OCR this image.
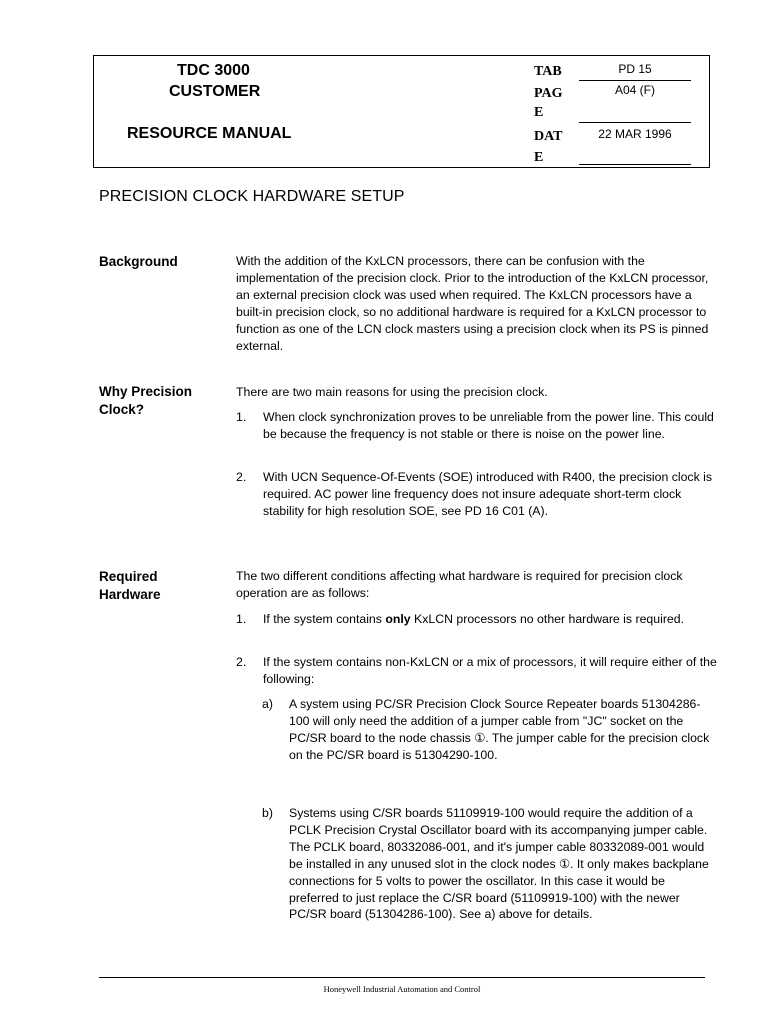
TDC 3000
CUSTOMER
RESOURCE MANUAL
TAB	PD 15
PAG
E
A04 (F)
DAT
E
22 MAR 1996
PRECISION CLOCK HARDWARE SETUP
Background	With the addition of the KxLCN processors, there can be confusion with the implementation of the precision clock. Prior to the introduction of the KxLCN processor, an external precision clock was used when required. The KxLCN processors have a built-in precision clock, so no additional hardware is required for a KxLCN processor to function as one of the LCN clock masters using a precision clock when its PS is pinned external.
Why Precision
Clock?
There are two main reasons for using the precision clock.
1. When clock synchronization proves to be unreliable from the power line. This could be because the frequency is not stable or there is noise on the power line.
2. With UCN Sequence-Of-Events (SOE) introduced with R400, the precision clock is required. AC power line frequency does not insure adequate short-term clock stability for high resolution SOE, see PD 16 C01 (A).
Required
Hardware
The two different conditions affecting what hardware is required for precision clock operation are as follows:
1. If the system contains only KxLCN processors no other hardware is required.
2. If the system contains non-KxLCN or a mix of processors, it will require either of the following:
a) A system using PC/SR Precision Clock Source Repeater boards 51304286-100 will only need the addition of a jumper cable from "JC" socket on the PC/SR board to the node chassis ①. The jumper cable for the precision clock on the PC/SR board is 51304290-100.
b) Systems using C/SR boards 51109919-100 would require the addition of a PCLK Precision Crystal Oscillator board with its accompanying jumper cable. The PCLK board, 80332086-001, and it's jumper cable 80332089-001 would be installed in any unused slot in the clock nodes ①. It only makes backplane connections for 5 volts to power the oscillator. In this case it would be preferred to just replace the C/SR board (51109919-100) with the newer PC/SR board (51304286-100). See a) above for details.
Honeywell Industrial Automation and Control
